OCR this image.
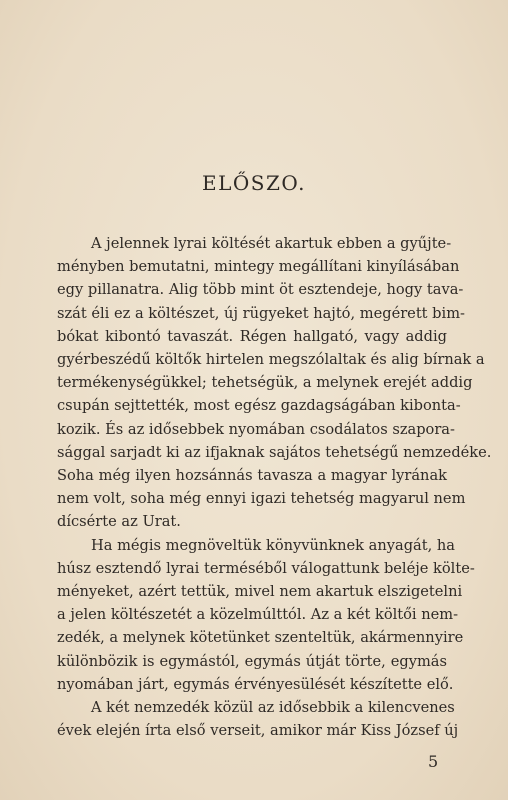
ELŐSZO.
A jelennek lyrai költését akartuk ebben a gyűjte-
ményben bemutatni, mintegy megállítani kinyílásában
egy pillanatra. Alig több mint öt esztendeje, hogy tava-
szát éli ez a költészet, új rügyeket hajtó, megérett bim-
bókat kibontó tavaszát. Régen hallgató, vagy addig
gyérbeszédű költők hirtelen megszólaltak és alig bírnak a
termékenységükkel; tehetségük, a melynek erejét addig
csupán sejttették, most egész gazdagságában kibonta-
kozik. És az idősebbek nyomában csodálatos szapora-
sággal sarjadt ki az ifjaknak sajátos tehetségű nemzedéke.
Soha még ilyen hozsánnás tavasza a magyar lyrának
nem volt, soha még ennyi igazi tehetség magyarul nem
dícsérte az Urat.
Ha mégis megnöveltük könyvünknek anyagát, ha
húsz esztendő lyrai terméséből válogattunk beléje költe-
ményeket, azért tettük, mivel nem akartuk elszigetelni
a jelen költészetét a közelmúlttól. Az a két költői nem-
zedék, a melynek kötetünket szenteltük, akármennyire
különbözik is egymástól, egymás útját törte, egymás
nyomában járt, egymás érvényesülését készítette elő.
A két nemzedék közül az idősebbik a kilencvenes
évek elején írta első verseit, amikor már Kiss József új
5
